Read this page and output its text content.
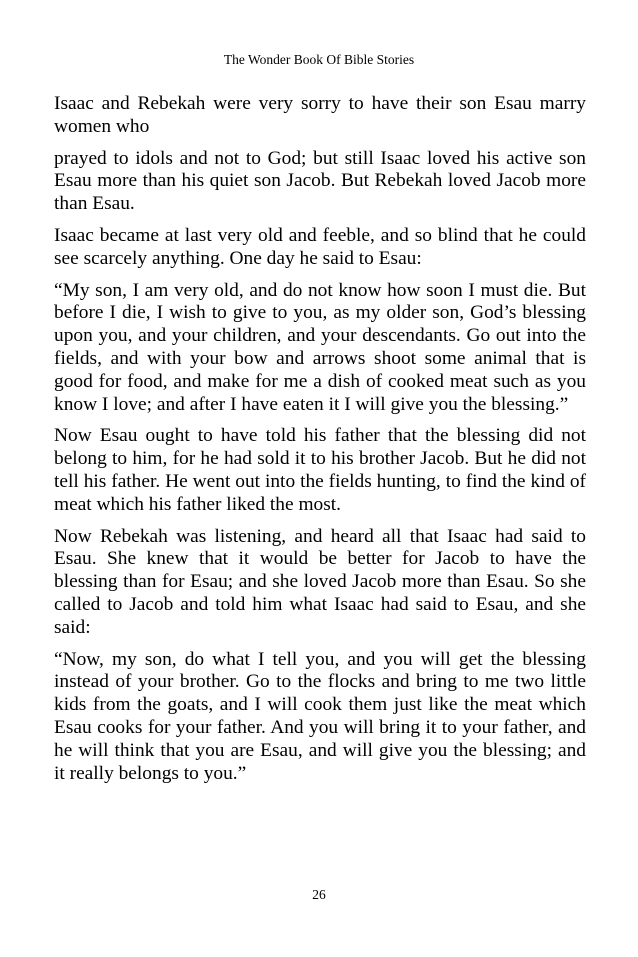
The Wonder Book Of Bible Stories

Isaac and Rebekah were very sorry to have their son Esau marry women who

prayed to idols and not to God; but still Isaac loved his active son Esau more than his quiet son Jacob. But Rebekah loved Jacob more than Esau.

Isaac became at last very old and feeble, and so blind that he could see scarcely anything. One day he said to Esau:

“My son, I am very old, and do not know how soon I must die. But before I die, I wish to give to you, as my older son, God’s blessing upon you, and your children, and your descendants. Go out into the fields, and with your bow and arrows shoot some animal that is good for food, and make for me a dish of cooked meat such as you know I love; and after I have eaten it I will give you the blessing.”

Now Esau ought to have told his father that the blessing did not belong to him, for he had sold it to his brother Jacob. But he did not tell his father. He went out into the fields hunting, to find the kind of meat which his father liked the most.

Now Rebekah was listening, and heard all that Isaac had said to Esau. She knew that it would be better for Jacob to have the blessing than for Esau; and she loved Jacob more than Esau. So she called to Jacob and told him what Isaac had said to Esau, and she said:

“Now, my son, do what I tell you, and you will get the blessing instead of your brother. Go to the flocks and bring to me two little kids from the goats, and I will cook them just like the meat which Esau cooks for your father. And you will bring it to your father, and he will think that you are Esau, and will give you the blessing; and it really belongs to you.”

26
